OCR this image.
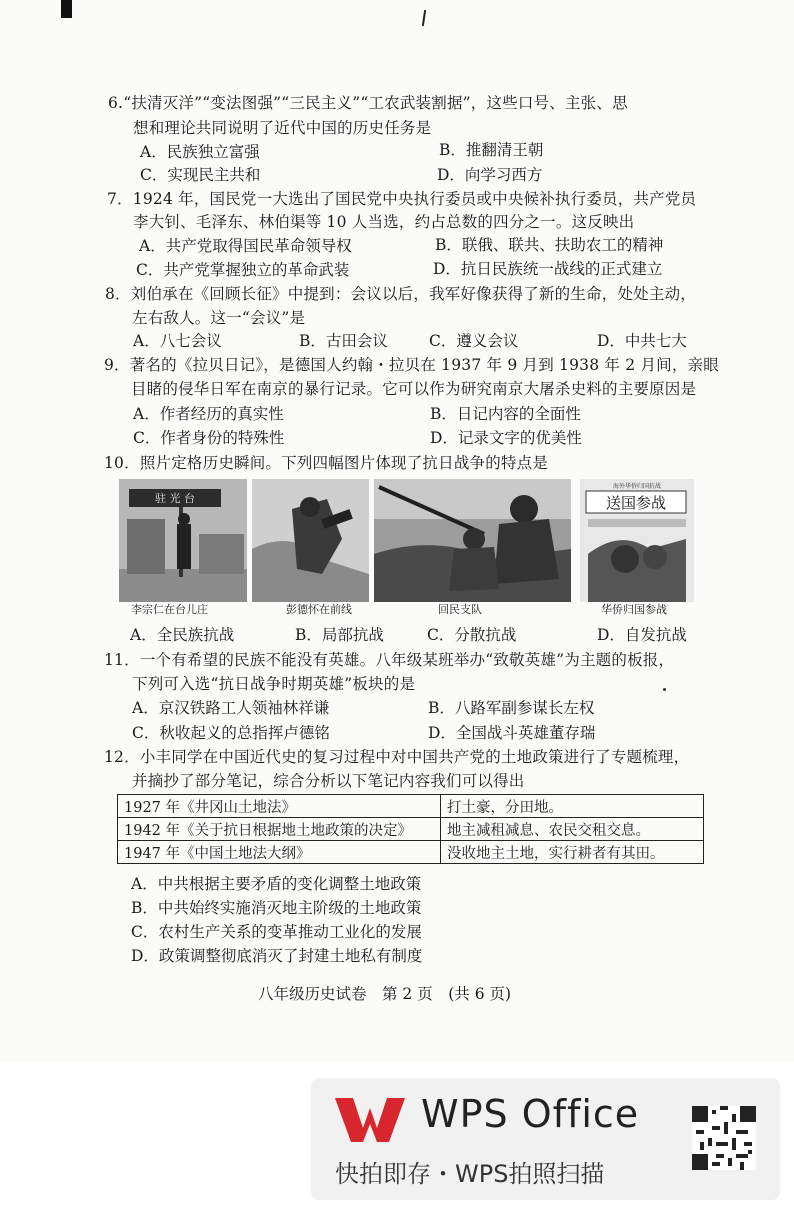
6.“扶清灭洋”“变法图强”“三民主义”“工农武装割据”，这些口号、主张、思
想和理论共同说明了近代中国的历史任务是
A．民族独立富强	B．推翻清王朝
C．实现民主共和	D．向学习西方
7．1924 年，国民党一大选出了国民党中央执行委员或中央候补执行委员，共产党员
李大钊、毛泽东、林伯渠等 10 人当选，约占总数的四分之一。这反映出
A．共产党取得国民革命领导权	B．联俄、联共、扶助农工的精神
C．共产党掌握独立的革命武装	D．抗日民族统一战线的正式建立
8．刘伯承在《回顾长征》中提到：会议以后，我军好像获得了新的生命，处处主动，
左右敌人。这一“会议”是
A．八七会议	B．古田会议	C．遵义会议	D．中共七大
9．著名的《拉贝日记》，是德国人约翰・拉贝在 1937 年 9 月到 1938 年 2 月间，亲眼
目睹的侵华日军在南京的暴行记录。它可以作为研究南京大屠杀史料的主要原因是
A．作者经历的真实性	B．日记内容的全面性
C．作者身份的特殊性	D．记录文字的优美性
10．照片定格历史瞬间。下列四幅图片体现了抗日战争的特点是
驻 光 台
海外华侨归国抗战
送国参战
李宗仁在台儿庄	彭德怀在前线	回民支队	华侨归国参战
A．全民族抗战	B．局部抗战	C．分散抗战	D．自发抗战
11．一个有希望的民族不能没有英雄。八年级某班举办“致敬英雄”为主题的板报，
下列可入选“抗日战争时期英雄”板块的是
A．京汉铁路工人领袖林祥谦	B．八路军副参谋长左权
C．秋收起义的总指挥卢德铭	D．全国战斗英雄董存瑞
12．小丰同学在中国近代史的复习过程中对中国共产党的土地政策进行了专题梳理，
并摘抄了部分笔记，综合分析以下笔记内容我们可以得出
1927 年《井冈山土地法》	打土豪，分田地。
1942 年《关于抗日根据地土地政策的决定》	地主减租减息、农民交租交息。
1947 年《中国土地法大纲》	没收地主土地，实行耕者有其田。
A．中共根据主要矛盾的变化调整土地政策
B．中共始终实施消灭地主阶级的土地政策
C．农村生产关系的变革推动工业化的发展
D．政策调整彻底消灭了封建土地私有制度
八年级历史试卷　第 2 页　(共 6 页)
WPS Office
快拍即存・WPS拍照扫描
